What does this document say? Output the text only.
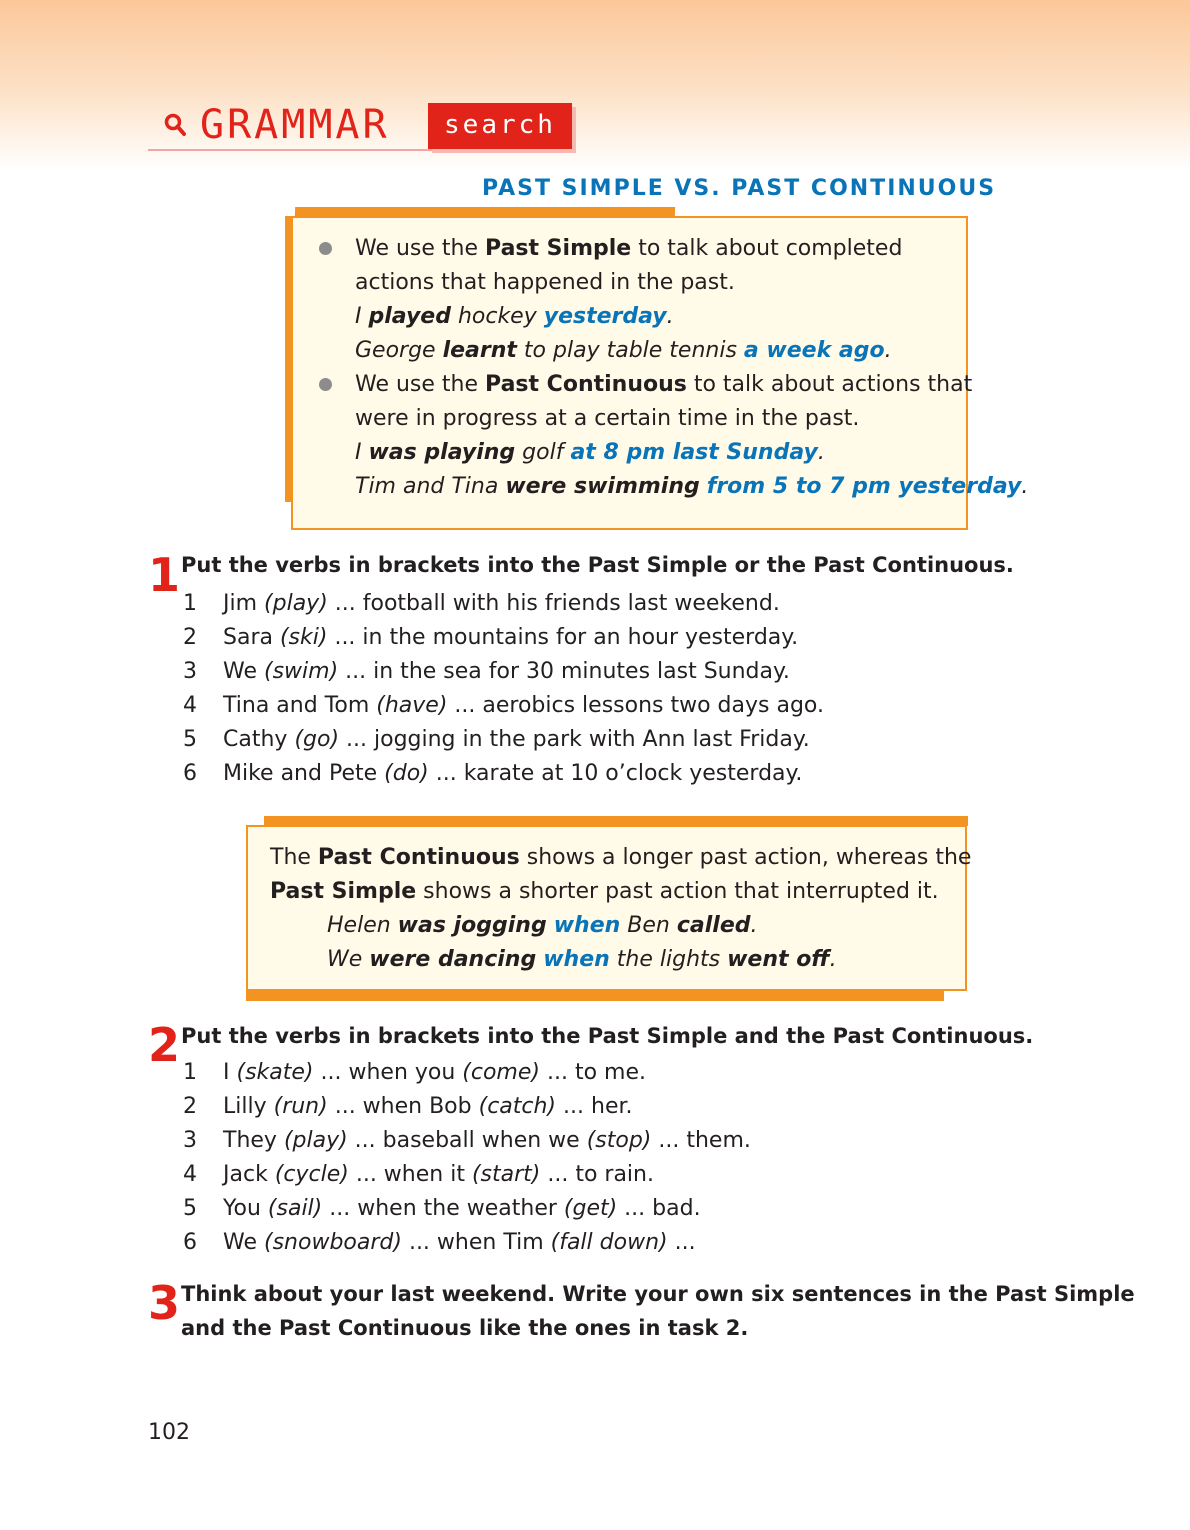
GRAMMAR	search
PAST SIMPLE VS. PAST CONTINUOUS
We use the Past Simple to talk about completed
actions that happened in the past.
I played hockey yesterday.
George learnt to play table tennis a week ago.
We use the Past Continuous to talk about actions that
were in progress at a certain time in the past.
I was playing golf at 8 pm last Sunday.
Tim and Tina were swimming from 5 to 7 pm yesterday.
1 Put the verbs in brackets into the Past Simple or the Past Continuous.
1 Jim (play) ... football with his friends last weekend.
2 Sara (ski) ... in the mountains for an hour yesterday.
3 We (swim) ... in the sea for 30 minutes last Sunday.
4 Tina and Tom (have) ... aerobics lessons two days ago.
5 Cathy (go) ... jogging in the park with Ann last Friday.
6 Mike and Pete (do) ... karate at 10 o’clock yesterday.
The Past Continuous shows a longer past action, whereas the
Past Simple shows a shorter past action that interrupted it.
Helen was jogging when Ben called.
We were dancing when the lights went off.
2 Put the verbs in brackets into the Past Simple and the Past Continuous.
1 I (skate) ... when you (come) ... to me.
2 Lilly (run) ... when Bob (catch) ... her.
3 They (play) ... baseball when we (stop) ... them.
4 Jack (cycle) ... when it (start) ... to rain.
5 You (sail) ... when the weather (get) ... bad.
6 We (snowboard) ... when Tim (fall down) ...
3 Think about your last weekend. Write your own six sentences in the Past Simple
and the Past Continuous like the ones in task 2.
102
